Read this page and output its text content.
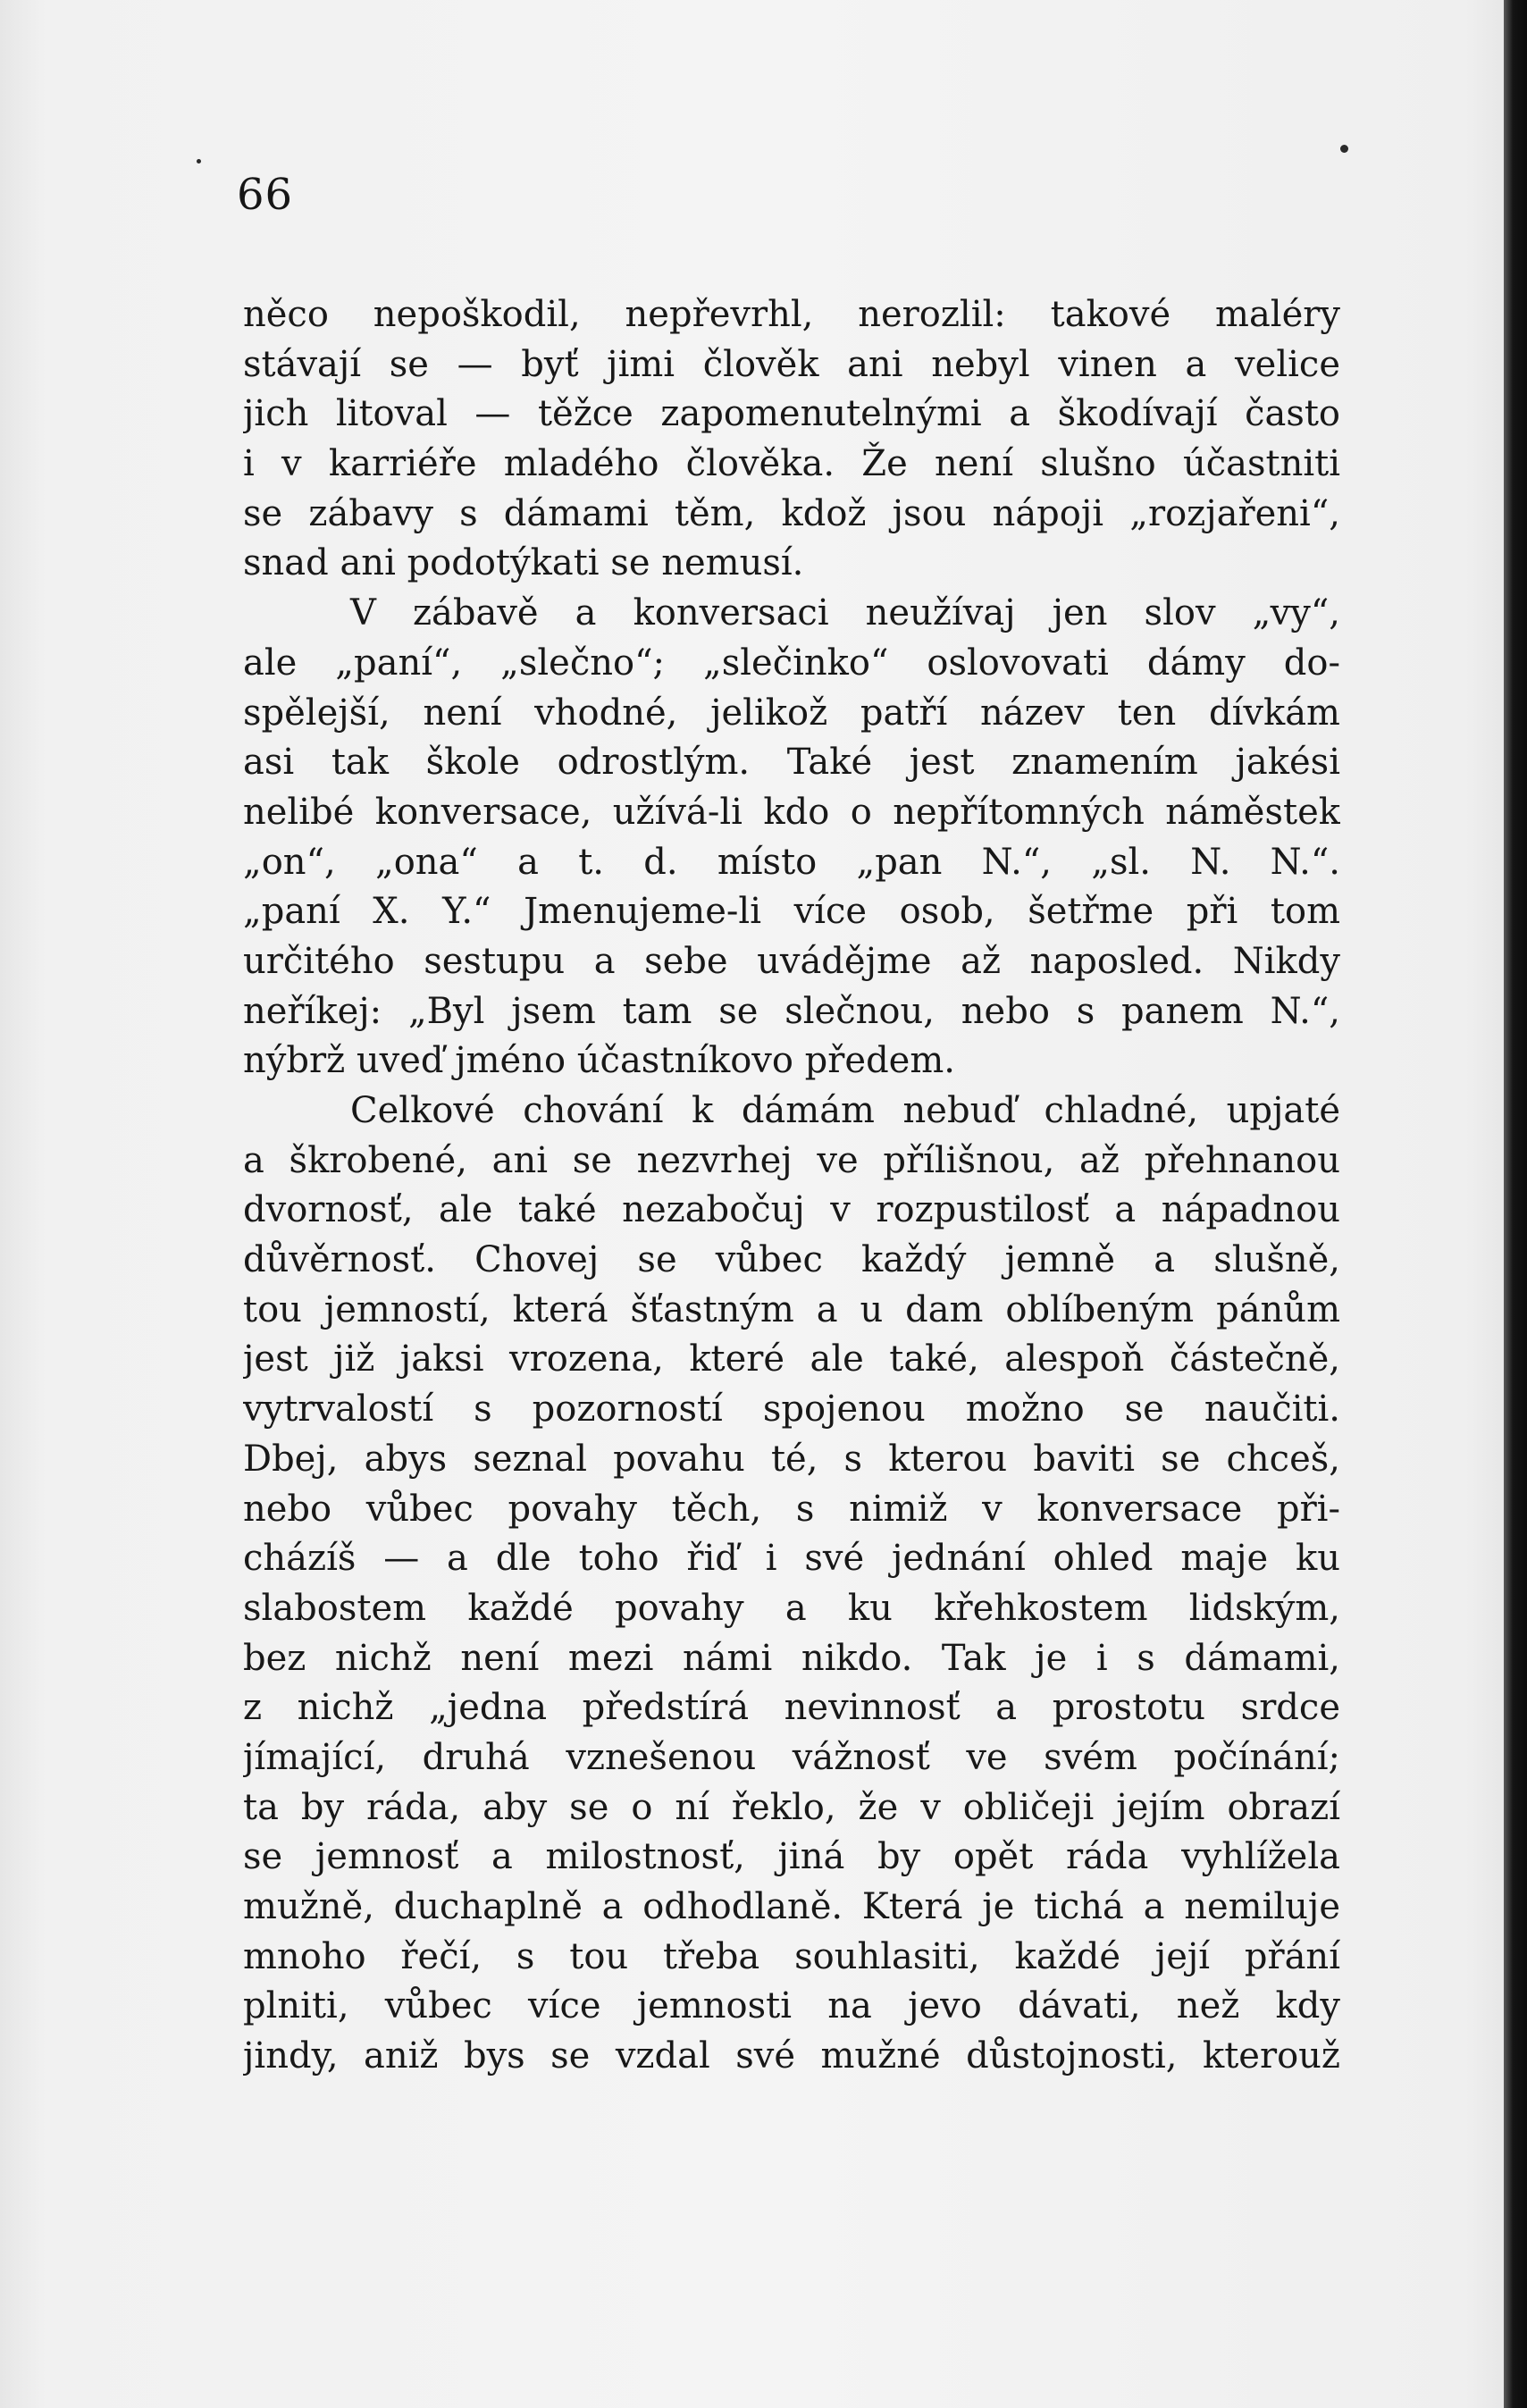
66
něco nepoškodil, nepřevrhl, nerozlil: takové maléry
stávají se — byť jimi člověk ani nebyl vinen a velice
jich litoval — těžce zapomenutelnými a škodívají často
i v karriéře mladého člověka. Že není slušno účastniti
se zábavy s dámami těm, kdož jsou nápoji „rozjařeni“,
snad ani podotýkati se nemusí.
V zábavě a konversaci neužívaj jen slov „vy“,
ale „paní“, „slečno“; „slečinko“ oslovovati dámy do-
spělejší, není vhodné, jelikož patří název ten dívkám
asi tak škole odrostlým. Také jest znamením jakési
nelibé konversace, užívá-li kdo o nepřítomných náměstek
„on“, „ona“ a t. d. místo „pan N.“, „sl. N. N.“.
„paní X. Y.“ Jmenujeme-li více osob, šetřme při tom
určitého sestupu a sebe uvádějme až naposled. Nikdy
neříkej: „Byl jsem tam se slečnou, nebo s panem N.“,
nýbrž uveď jméno účastníkovo předem.
Celkové chování k dámám nebuď chladné, upjaté
a škrobené, ani se nezvrhej ve přílišnou, až přehnanou
dvornosť, ale také nezabočuj v rozpustilosť a nápadnou
důvěrnosť. Chovej se vůbec každý jemně a slušně,
tou jemností, která šťastným a u dam oblíbeným pánům
jest již jaksi vrozena, které ale také, alespoň částečně,
vytrvalostí s pozorností spojenou možno se naučiti.
Dbej, abys seznal povahu té, s kterou baviti se chceš,
nebo vůbec povahy těch, s nimiž v konversace při-
cházíš — a dle toho řiď i své jednání ohled maje ku
slabostem každé povahy a ku křehkostem lidským,
bez nichž není mezi námi nikdo. Tak je i s dámami,
z nichž „jedna předstírá nevinnosť a prostotu srdce
jímající, druhá vznešenou vážnosť ve svém počínání;
ta by ráda, aby se o ní řeklo, že v obličeji jejím obrazí
se jemnosť a milostnosť, jiná by opět ráda vyhlížela
mužně, duchaplně a odhodlaně. Která je tichá a nemiluje
mnoho řečí, s tou třeba souhlasiti, každé její přání
plniti, vůbec více jemnosti na jevo dávati, než kdy
jindy, aniž bys se vzdal své mužné důstojnosti, kterouž
